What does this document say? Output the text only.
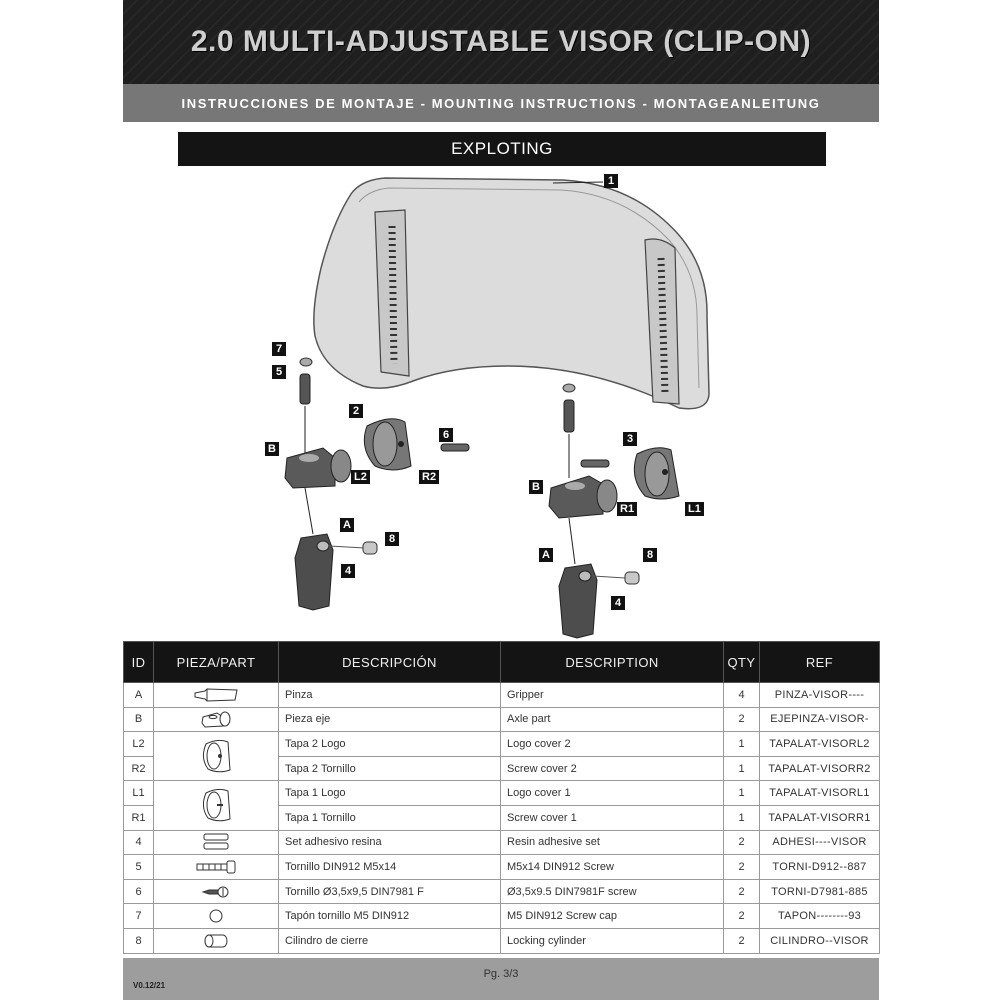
2.0 MULTI-ADJUSTABLE VISOR (CLIP-ON)
INSTRUCCIONES DE MONTAJE - MOUNTING INSTRUCTIONS - MONTAGEANLEITUNG
EXPLOTING
1
7
5
2
6
B
L2	R2
A
8
4
3
B
R1	L1
A	8
4
ID	PIEZA/PART	DESCRIPCIÓN	DESCRIPTION	QTY	REF
A		Pinza	Gripper	4	PINZA-VISOR----
B		Pieza eje	Axle part	2	EJEPINZA-VISOR-
L2		Tapa 2 Logo	Logo cover 2	1	TAPALAT-VISORL2
R2		Tapa 2 Tornillo	Screw cover 2	1	TAPALAT-VISORR2
L1		Tapa 1 Logo	Logo cover 1	1	TAPALAT-VISORL1
R1		Tapa 1 Tornillo	Screw cover 1	1	TAPALAT-VISORR1
4		Set adhesivo resina	Resin adhesive set	2	ADHESI----VISOR
5		Tornillo DIN912 M5x14	M5x14 DIN912 Screw	2	TORNI-D912--887
6		Tornillo Ø3,5x9,5 DIN7981 F	Ø3,5x9.5 DIN7981F screw	2	TORNI-D7981-885
7		Tapón tornillo M5 DIN912	M5 DIN912 Screw cap	2	TAPON--------93
8		Cilindro de cierre	Locking cylinder	2	CILINDRO--VISOR
Pg. 3/3
V0.12/21
